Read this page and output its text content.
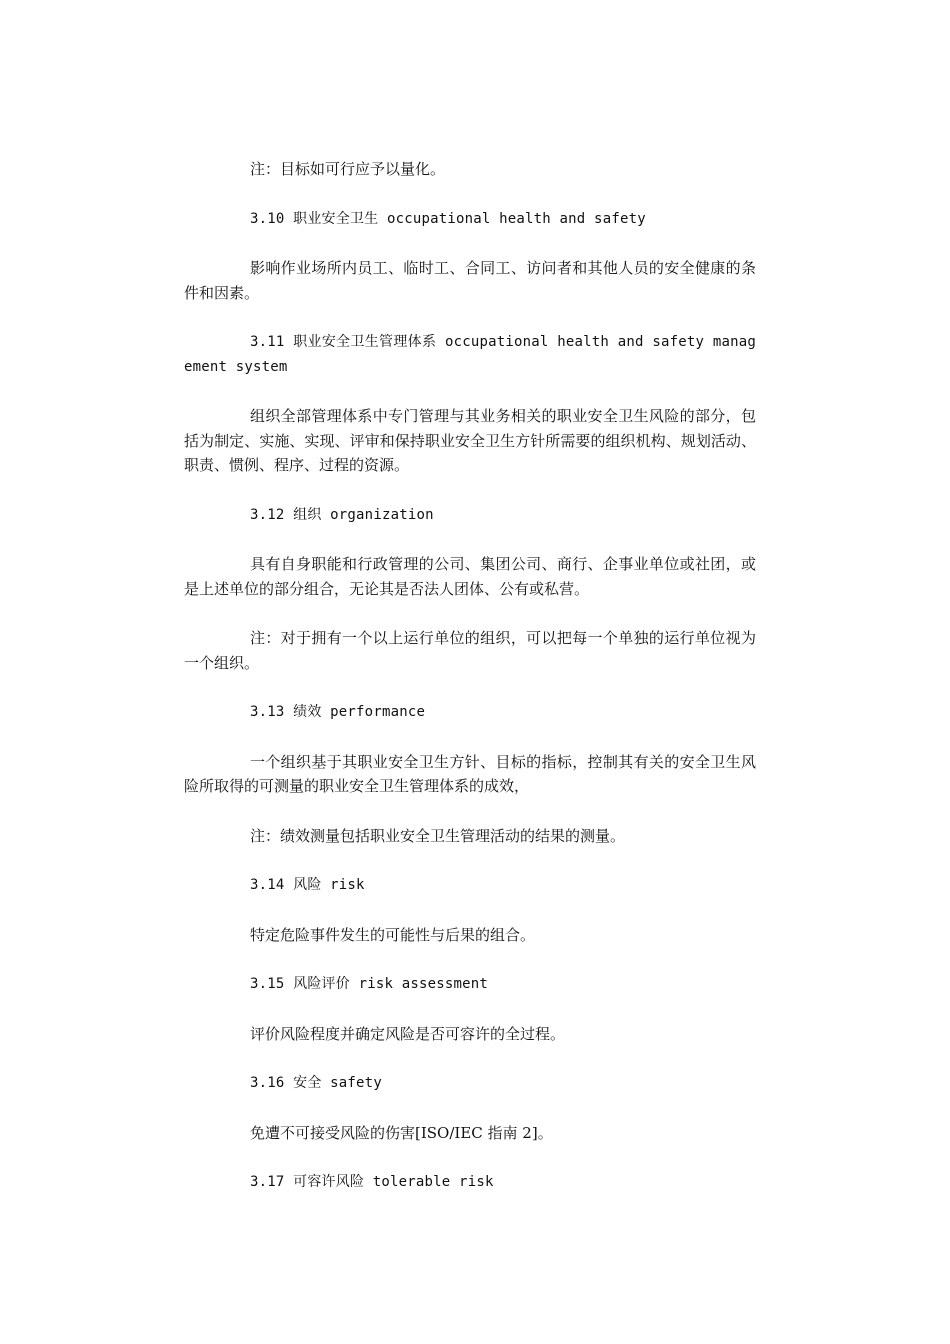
注：目标如可行应予以量化。

3.10 职业安全卫生 occupational health and safety

影响作业场所内员工、临时工、合同工、访问者和其他人员的安全健康的条件和因素。

3.11 职业安全卫生管理体系 occupational health and safety management system

组织全部管理体系中专门管理与其业务相关的职业安全卫生风险的部分，包括为制定、实施、实现、评审和保持职业安全卫生方针所需要的组织机构、规划活动、职责、惯例、程序、过程的资源。

3.12 组织 organization

具有自身职能和行政管理的公司、集团公司、商行、企事业单位或社团，或是上述单位的部分组合，无论其是否法人团体、公有或私营。

注：对于拥有一个以上运行单位的组织，可以把每一个单独的运行单位视为一个组织。

3.13 绩效 performance

一个组织基于其职业安全卫生方针、目标的指标，控制其有关的安全卫生风险所取得的可测量的职业安全卫生管理体系的成效，

注：绩效测量包括职业安全卫生管理活动的结果的测量。

3.14 风险 risk

特定危险事件发生的可能性与后果的组合。

3.15 风险评价 risk assessment

评价风险程度并确定风险是否可容许的全过程。

3.16 安全 safety

免遭不可接受风险的伤害[ISO/IEC 指南 2]。

3.17 可容许风险 tolerable risk
